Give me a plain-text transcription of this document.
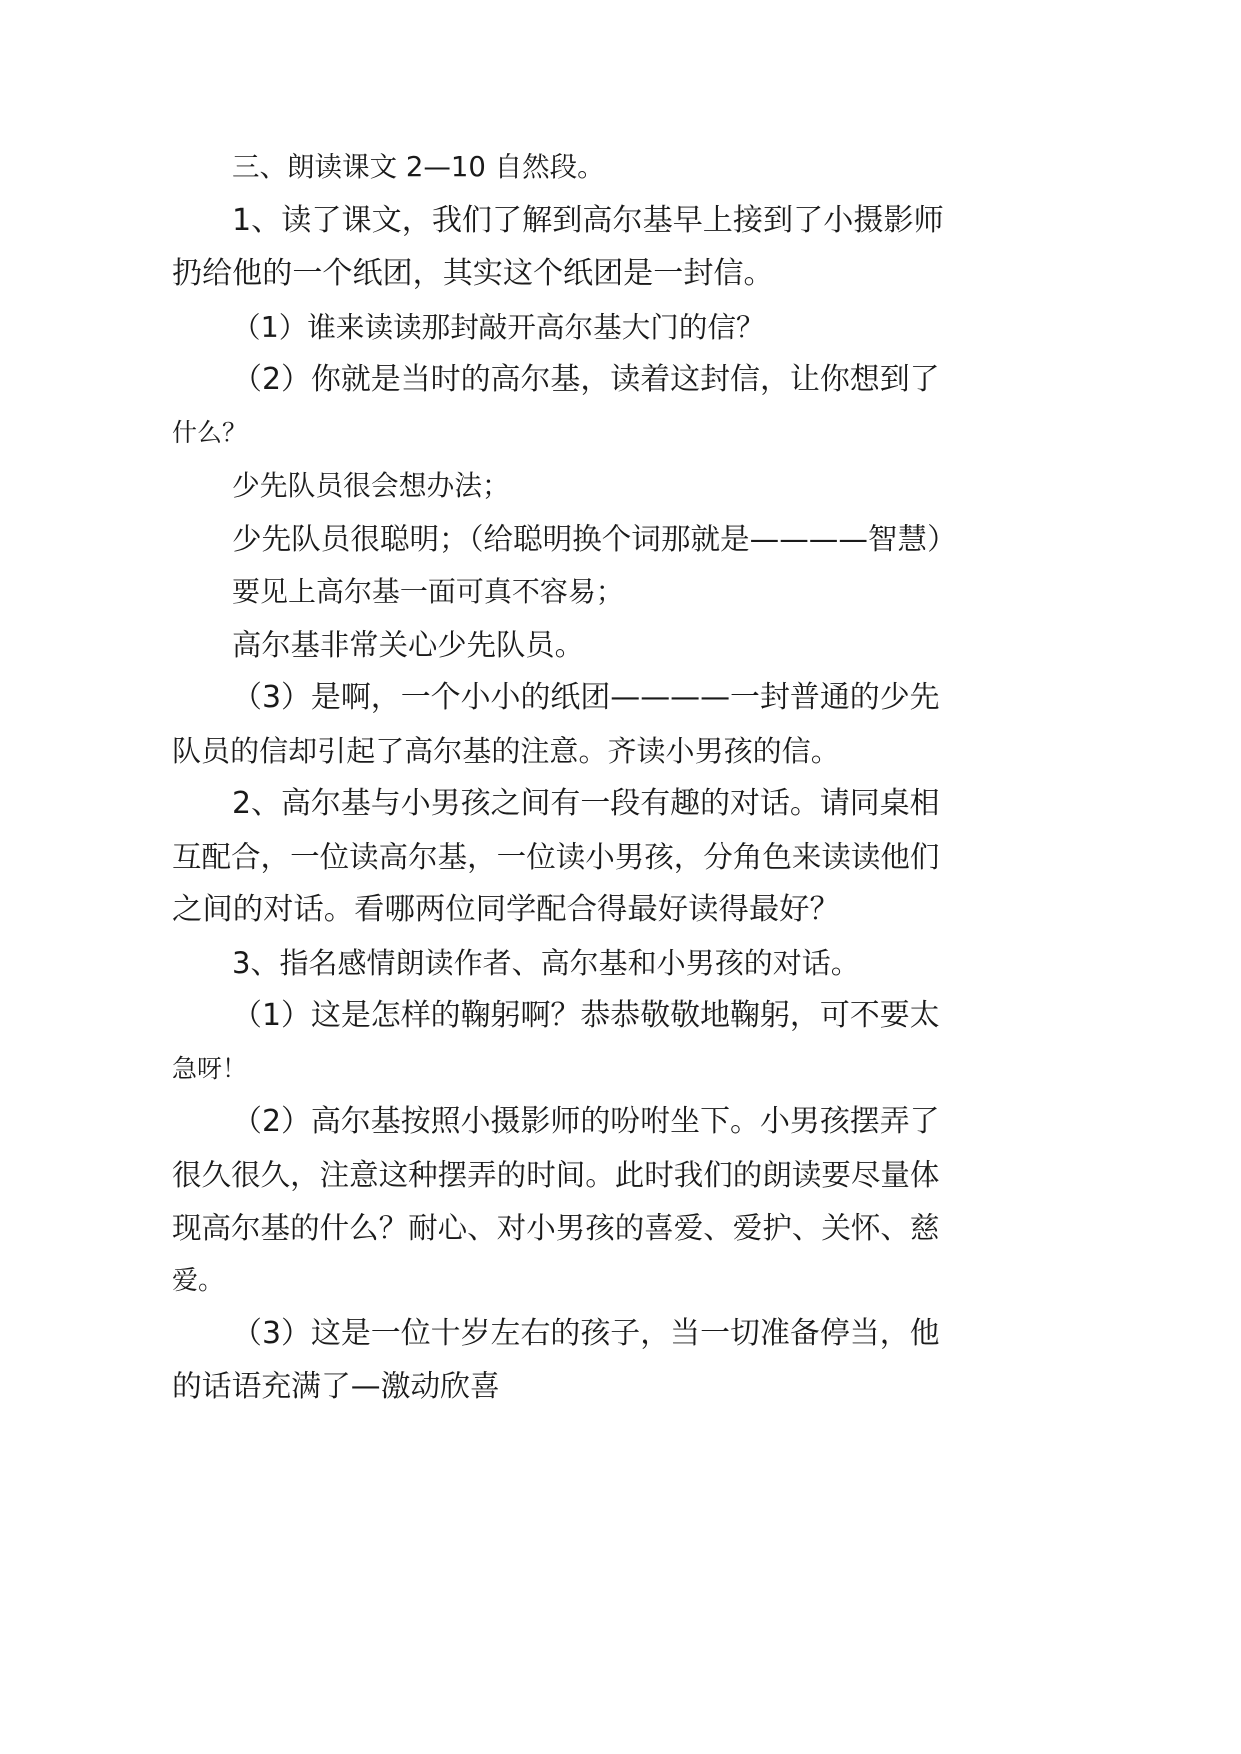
三、朗读课文 2—10 自然段。
1、读了课文，我们了解到高尔基早上接到了小摄影师
扔给他的一个纸团，其实这个纸团是一封信。
（1）谁来读读那封敲开高尔基大门的信？
（2）你就是当时的高尔基，读着这封信，让你想到了
什么？
少先队员很会想办法；
少先队员很聪明；（给聪明换个词那就是————智慧）
要见上高尔基一面可真不容易；
高尔基非常关心少先队员。
（3）是啊，一个小小的纸团————一封普通的少先
队员的信却引起了高尔基的注意。齐读小男孩的信。
2、高尔基与小男孩之间有一段有趣的对话。请同桌相
互配合，一位读高尔基，一位读小男孩，分角色来读读他们
之间的对话。看哪两位同学配合得最好读得最好？
3、指名感情朗读作者、高尔基和小男孩的对话。
（1）这是怎样的鞠躬啊？恭恭敬敬地鞠躬，可不要太
急呀！
（2）高尔基按照小摄影师的吩咐坐下。小男孩摆弄了
很久很久，注意这种摆弄的时间。此时我们的朗读要尽量体
现高尔基的什么？耐心、对小男孩的喜爱、爱护、关怀、慈
爱。
（3）这是一位十岁左右的孩子，当一切准备停当，他
的话语充满了—激动欣喜
